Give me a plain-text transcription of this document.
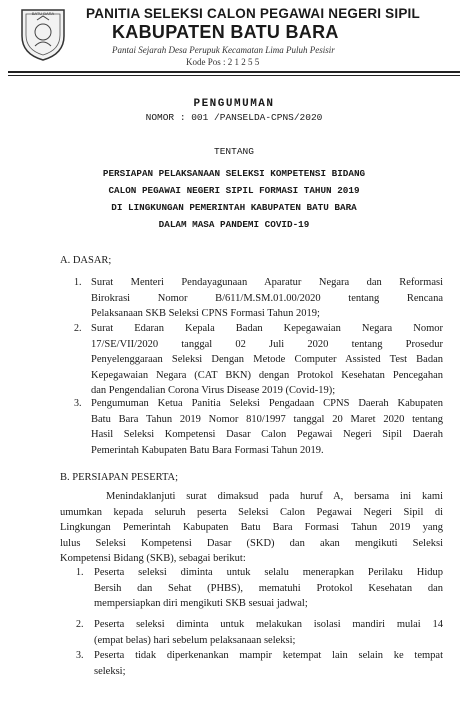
BATU BARA PANITIA SELEKSI CALON PEGAWAI NEGERI SIPIL
KABUPATEN BATU BARA
Pantai Sejarah Desa Perupuk Kecamatan Lima Puluh Pesisir
Kode Pos : 2 1 2 5 5
PENGUMUMAN
NOMOR : 001 /PANSELDA-CPNS/2020
TENTANG
PERSIAPAN PELAKSANAAN SELEKSI KOMPETENSI BIDANG
CALON PEGAWAI NEGERI SIPIL FORMASI TAHUN 2019
DI LINGKUNGAN PEMERINTAH KABUPATEN BATU BARA
DALAM MASA PANDEMI COVID-19
A. DASAR;
1. Surat Menteri Pendayagunaan Aparatur Negara dan Reformasi
Birokrasi Nomor B/611/M.SM.01.00/2020 tentang Rencana
Pelaksanaan SKB Seleksi CPNS Formasi Tahun 2019;
2. Surat Edaran Kepala Badan Kepegawaian Negara Nomor
17/SE/VII/2020 tanggal 02 Juli 2020 tentang Prosedur
Penyelenggaraan Seleksi Dengan Metode Computer Assisted Test Badan
Kepegawaian Negara (CAT BKN) dengan Protokol Kesehatan Pencegahan
dan Pengendalian Corona Virus Disease 2019 (Covid-19);
3. Pengumuman Ketua Panitia Seleksi Pengadaan CPNS Daerah Kabupaten
Batu Bara Tahun 2019 Nomor 810/1997 tanggal 20 Maret 2020 tentang
Hasil Seleksi Kompetensi Dasar Calon Pegawai Negeri Sipil Daerah
Pemerintah Kabupaten Batu Bara Formasi Tahun 2019.
B. PERSIAPAN PESERTA;
Menindaklanjuti surat dimaksud pada huruf A, bersama ini kami
umumkan kepada seluruh peserta Seleksi Calon Pegawai Negeri Sipil di
Lingkungan Pemerintah Kabupaten Batu Bara Formasi Tahun 2019 yang
lulus Seleksi Kompetensi Dasar (SKD) dan akan mengikuti Seleksi
Kompetensi Bidang (SKB), sebagai berikut:
1. Peserta seleksi diminta untuk selalu menerapkan Perilaku Hidup
Bersih dan Sehat (PHBS), mematuhi Protokol Kesehatan dan
mempersiapkan diri mengikuti SKB sesuai jadwal;
2. Peserta seleksi diminta untuk melakukan isolasi mandiri mulai 14
(empat belas) hari sebelum pelaksanaan seleksi;
3. Peserta tidak diperkenankan mampir ketempat lain selain ke tempat
seleksi;
